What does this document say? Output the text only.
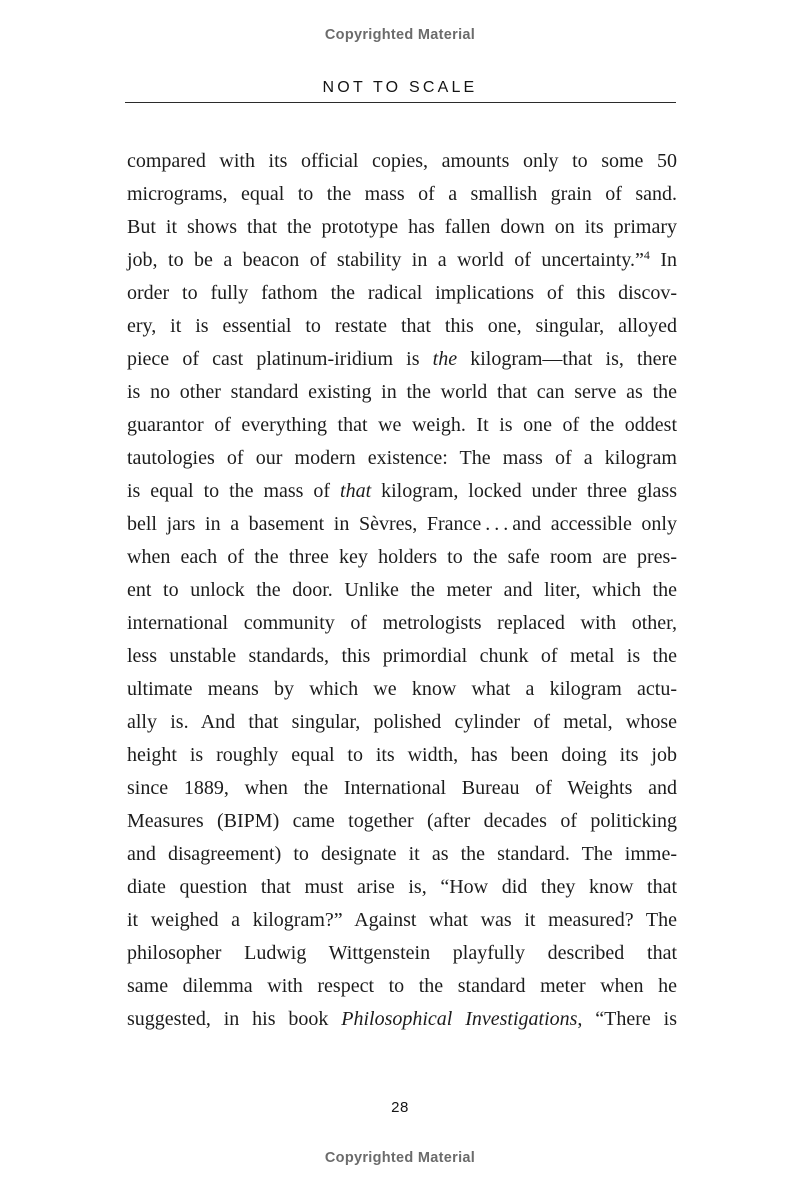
Copyrighted Material
NOT TO SCALE
compared with its official copies, amounts only to some 50
micrograms, equal to the mass of a smallish grain of sand.
But it shows that the prototype has fallen down on its primary
job, to be a beacon of stability in a world of uncertainty.”$^4$ In
order to fully fathom the radical implications of this discov-
ery, it is essential to restate that this one, singular, alloyed
piece of cast platinum-iridium is the kilogram—that is, there
is no other standard existing in the world that can serve as the
guarantor of everything that we weigh. It is one of the oddest
tautologies of our modern existence: The mass of a kilogram
is equal to the mass of that kilogram, locked under three glass
bell jars in a basement in Sèvres, France . . . and accessible only
when each of the three key holders to the safe room are pres-
ent to unlock the door. Unlike the meter and liter, which the
international community of metrologists replaced with other,
less unstable standards, this primordial chunk of metal is the
ultimate means by which we know what a kilogram actu-
ally is. And that singular, polished cylinder of metal, whose
height is roughly equal to its width, has been doing its job
since 1889, when the International Bureau of Weights and
Measures (BIPM) came together (after decades of politicking
and disagreement) to designate it as the standard. The imme-
diate question that must arise is, “How did they know that
it weighed a kilogram?” Against what was it measured? The
philosopher Ludwig Wittgenstein playfully described that
same dilemma with respect to the standard meter when he
suggested, in his book Philosophical Investigations, “There is
28
Copyrighted Material
